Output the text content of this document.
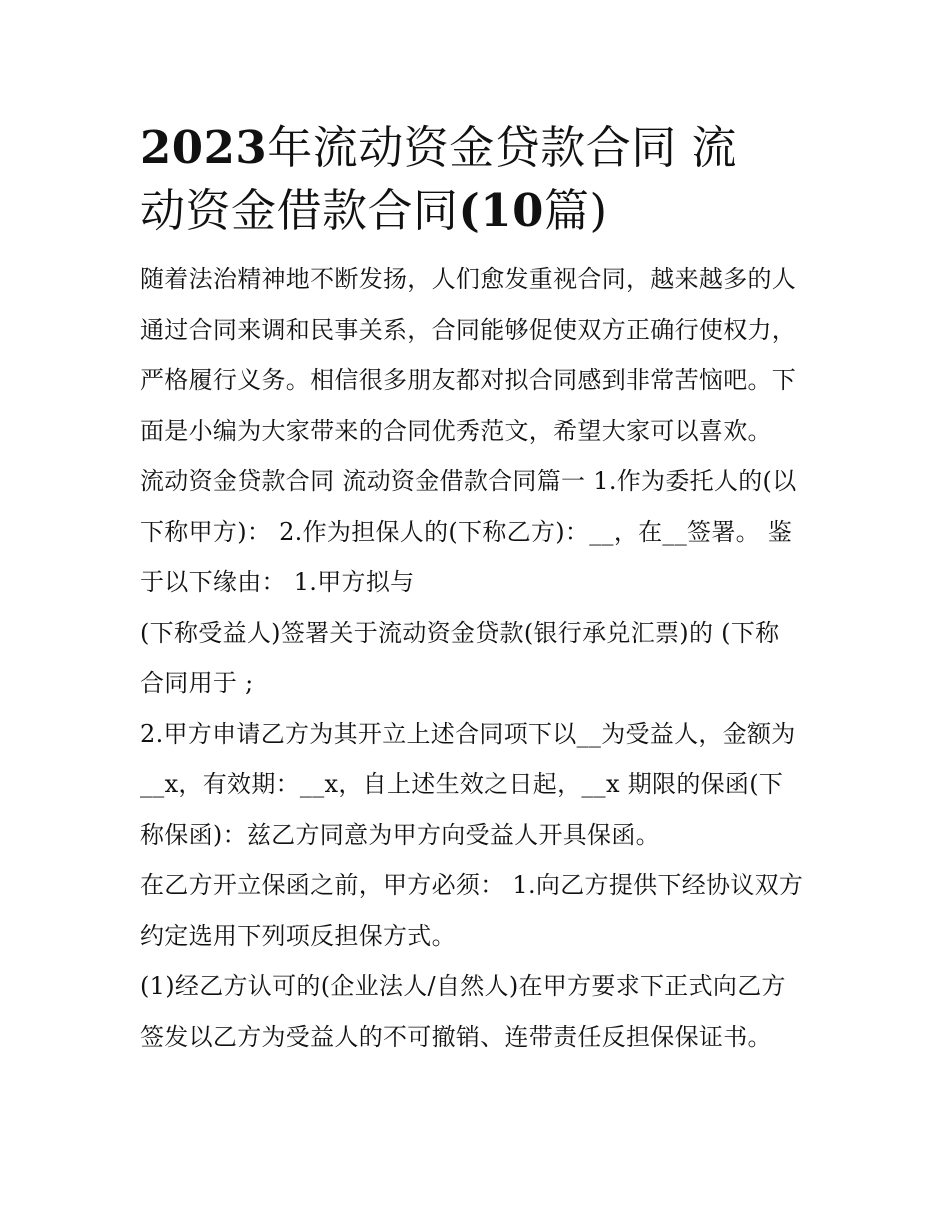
2023年流动资金贷款合同 流
动资金借款合同(10篇)
随着法治精神地不断发扬，人们愈发重视合同，越来越多的人
通过合同来调和民事关系，合同能够促使双方正确行使权力，
严格履行义务。相信很多朋友都对拟合同感到非常苦恼吧。下
面是小编为大家带来的合同优秀范文，希望大家可以喜欢。
流动资金贷款合同 流动资金借款合同篇一 1.作为委托人的(以
下称甲方)： 2.作为担保人的(下称乙方)：__，在__签署。 鉴
于以下缘由： 1.甲方拟与
(下称受益人)签署关于流动资金贷款(银行承兑汇票)的 (下称
合同用于 ;
2.甲方申请乙方为其开立上述合同项下以__为受益人，金额为
__x，有效期：__x，自上述生效之日起，__x 期限的保函(下
称保函)：兹乙方同意为甲方向受益人开具保函。
在乙方开立保函之前，甲方必须： 1.向乙方提供下经协议双方
约定选用下列项反担保方式。
(1)经乙方认可的(企业法人/自然人)在甲方要求下正式向乙方
签发以乙方为受益人的不可撤销、连带责任反担保保证书。
